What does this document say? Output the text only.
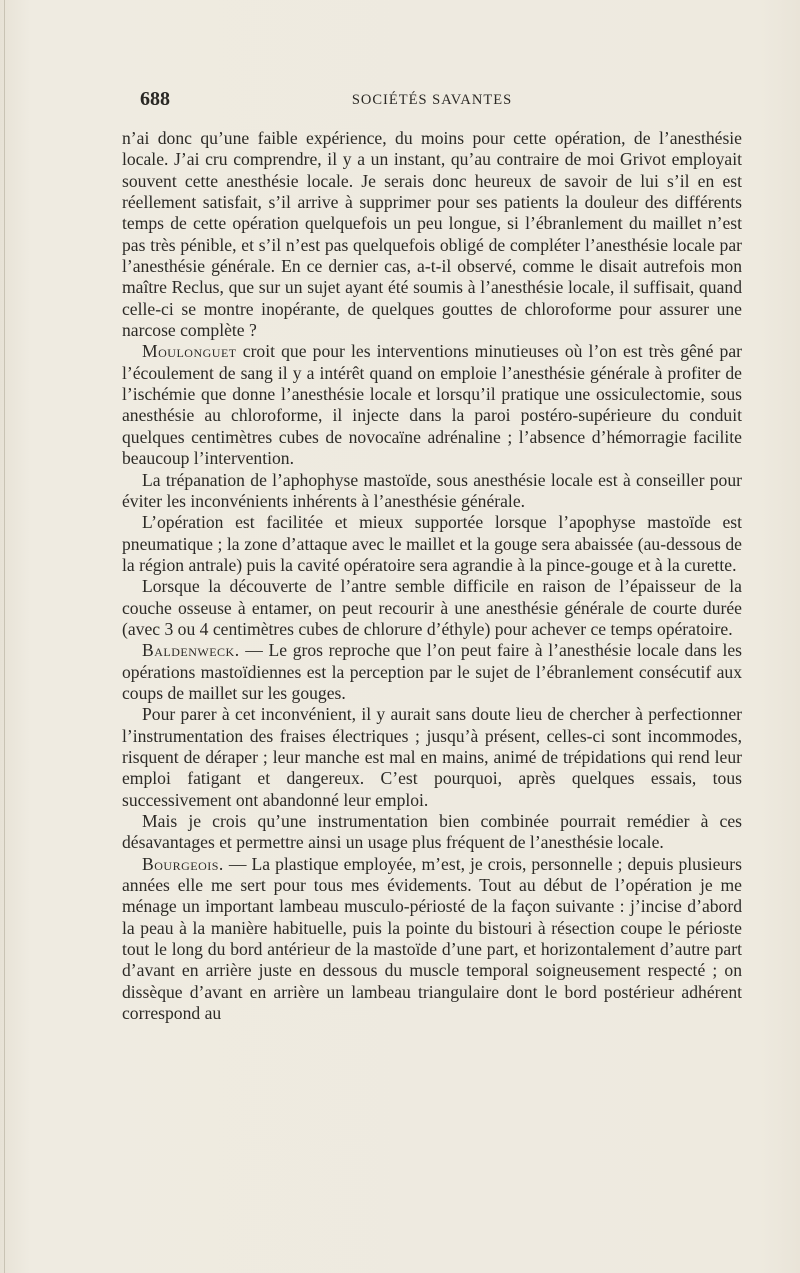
688	SOCIÉTÉS SAVANTES

n’ai donc qu’une faible expérience, du moins pour cette opération, de l’anesthésie locale. J’ai cru comprendre, il y a un instant, qu’au contraire de moi Grivot employait souvent cette anesthésie locale. Je serais donc heureux de savoir de lui s’il en est réellement satisfait, s’il arrive à supprimer pour ses patients la douleur des différents temps de cette opération quelquefois un peu longue, si l’ébranlement du maillet n’est pas très pénible, et s’il n’est pas quelquefois obligé de compléter l’anesthésie locale par l’anesthésie générale. En ce dernier cas, a-t-il observé, comme le disait autrefois mon maître Reclus, que sur un sujet ayant été soumis à l’anesthésie locale, il suffisait, quand celle-ci se montre inopérante, de quelques gouttes de chloroforme pour assurer une narcose complète ?

Moulonguet croit que pour les interventions minutieuses où l’on est très gêné par l’écoulement de sang il y a intérêt quand on emploie l’anesthésie générale à profiter de l’ischémie que donne l’anesthésie locale et lorsqu’il pratique une ossiculectomie, sous anesthésie au chloroforme, il injecte dans la paroi postéro-supérieure du conduit quelques centimètres cubes de novocaïne adrénaline ; l’absence d’hémorragie facilite beaucoup l’intervention.

La trépanation de l’aphophyse mastoïde, sous anesthésie locale est à conseiller pour éviter les inconvénients inhérents à l’anesthésie générale.

L’opération est facilitée et mieux supportée lorsque l’apophyse mastoïde est pneumatique ; la zone d’attaque avec le maillet et la gouge sera abaissée (au-dessous de la région antrale) puis la cavité opératoire sera agrandie à la pince-gouge et à la curette.

Lorsque la découverte de l’antre semble difficile en raison de l’épaisseur de la couche osseuse à entamer, on peut recourir à une anesthésie générale de courte durée (avec 3 ou 4 centimètres cubes de chlorure d’éthyle) pour achever ce temps opératoire.

Baldenweck. — Le gros reproche que l’on peut faire à l’anesthésie locale dans les opérations mastoïdiennes est la perception par le sujet de l’ébranlement consécutif aux coups de maillet sur les gouges.

Pour parer à cet inconvénient, il y aurait sans doute lieu de chercher à perfectionner l’instrumentation des fraises électriques ; jusqu’à présent, celles-ci sont incommodes, risquent de déraper ; leur manche est mal en mains, animé de trépidations qui rend leur emploi fatigant et dangereux. C’est pourquoi, après quelques essais, tous successivement ont abandonné leur emploi.

Mais je crois qu’une instrumentation bien combinée pourrait remédier à ces désavantages et permettre ainsi un usage plus fréquent de l’anesthésie locale.

Bourgeois. — La plastique employée, m’est, je crois, personnelle ; depuis plusieurs années elle me sert pour tous mes évidements. Tout au début de l’opération je me ménage un important lambeau musculo-périosté de la façon suivante : j’incise d’abord la peau à la manière habituelle, puis la pointe du bistouri à résection coupe le périoste tout le long du bord antérieur de la mastoïde d’une part, et horizontalement d’autre part d’avant en arrière juste en dessous du muscle temporal soigneusement respecté ; on dissèque d’avant en arrière un lambeau triangulaire dont le bord postérieur adhérent correspond au
